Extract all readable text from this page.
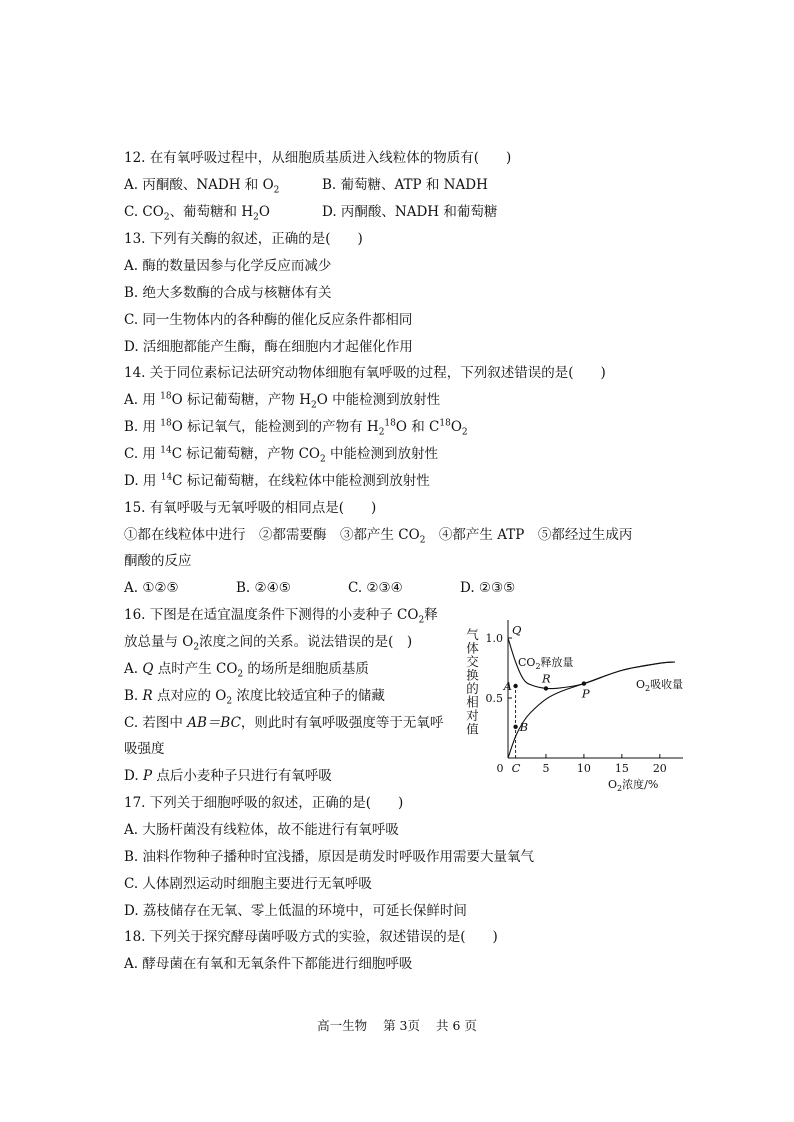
12. 在有氧呼吸过程中，从细胞质基质进入线粒体的物质有(　　)
A. 丙酮酸、NADH 和 $O_2$	B. 葡萄糖、ATP 和 NADH
C. $CO_2$、葡萄糖和 $H_2O$	D. 丙酮酸、NADH 和葡萄糖
13. 下列有关酶的叙述，正确的是(　　)
A. 酶的数量因参与化学反应而减少
B. 绝大多数酶的合成与核糖体有关
C. 同一生物体内的各种酶的催化反应条件都相同
D. 活细胞都能产生酶，酶在细胞内才起催化作用
14. 关于同位素标记法研究动物体细胞有氧呼吸的过程，下列叙述错误的是(　　)
A. 用 $^{18}$O 标记葡萄糖，产物 $H_2O$ 中能检测到放射性
B. 用 $^{18}$O 标记氧气，能检测到的产物有 $H_2^{18}O$ 和 $C^{18}O_2$
C. 用 $^{14}$C 标记葡萄糖，产物 $CO_2$ 中能检测到放射性
D. 用 $^{14}$C 标记葡萄糖，在线粒体中能检测到放射性
15. 有氧呼吸与无氧呼吸的相同点是(　　)
①都在线粒体中进行　②都需要酶　③都产生 $CO_2$　④都产生 ATP　⑤都经过生成丙
酮酸的反应
A. ①②⑤	B. ②④⑤	C. ②③④	D. ②③⑤
16. 下图是在适宜温度条件下测得的小麦种子 $CO_2$释
放总量与 $O_2$浓度之间的关系。说法错误的是(　)
A. Q 点时产生 $CO_2$ 的场所是细胞质基质
B. R 点对应的 $O_2$ 浓度比较适宜种子的储藏
C. 若图中 AB＝BC，则此时有氧呼吸强度等于无氧呼
吸强度
D. P 点后小麦种子只进行有氧呼吸	0	5 10 15 20
0.5
1.0
气体交换的相对值
$O_2$浓度/%
$CO_2$释放量
$O_2$吸收量
A
B
R
P
Q
C
17. 下列关于细胞呼吸的叙述，正确的是(　　)
A. 大肠杆菌没有线粒体，故不能进行有氧呼吸
B. 油料作物种子播种时宜浅播，原因是萌发时呼吸作用需要大量氧气
C. 人体剧烈运动时细胞主要进行无氧呼吸
D. 荔枝储存在无氧、零上低温的环境中，可延长保鲜时间
18. 下列关于探究酵母菌呼吸方式的实验，叙述错误的是(　　)
A. 酵母菌在有氧和无氧条件下都能进行细胞呼吸
高一生物 第 3页 共 6 页
